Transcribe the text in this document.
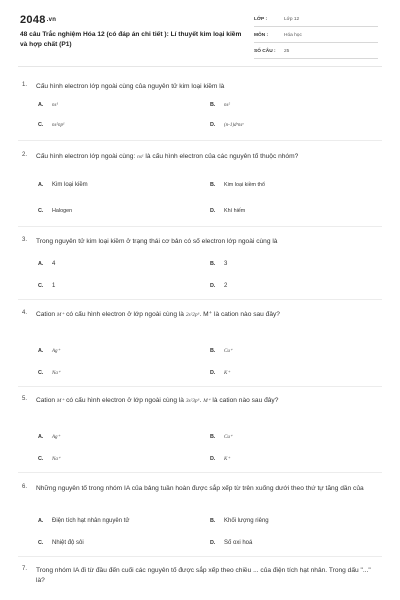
2048.vn
48 câu Trắc nghiệm Hóa 12 (có đáp án chi tiết ): Lí thuyết kim loại kiềm và hợp chất (P1)
LỚP :	Lớp 12
MÔN :	Hóa học
SỐ CÂU : 25
1. Cấu hình electron lớp ngoài cùng của nguyên tử kim loại kiềm là
A. ns¹	B. ns²
C. ns²np¹	D. (n-1)dˣnsʸ
2. Cấu hình electron lớp ngoài cùng: ns¹ là cấu hình electron của các nguyên tố thuộc nhóm?
A. Kim loại kiềm	B. Kim loại kiềm thổ
C. Halogen	D. Khí hiếm
3. Trong nguyên tử kim loại kiềm ở trạng thái cơ bản có số electron lớp ngoài cùng là
A. 4	B. 3
C. 1	D. 2
4. Cation M⁺ có cấu hình electron ở lớp ngoài cùng là 2s²2p⁶. M⁺ là cation nào sau đây?
A. Ag⁺	B. Cu⁺
C. Na⁺	D. K⁺
5. Cation M⁺ có cấu hình electron ở lớp ngoài cùng là 3s²3p⁶. M⁺ là cation nào sau đây?
A. Ag⁺	B. Cu⁺
C. Na⁺	D. K⁺
6. Những nguyên tố trong nhóm IA của bảng tuần hoàn được sắp xếp từ trên xuống dưới theo thứ tự tăng dần của
A. Điện tích hạt nhân nguyên tử	B. Khối lượng riêng
C. Nhiệt độ sôi	D. Số oxi hoá
7. Trong nhóm IA đi từ đầu đến cuối các nguyên tố được sắp xếp theo chiều ... của điện tích hạt nhân. Trong dấu "..." là?
